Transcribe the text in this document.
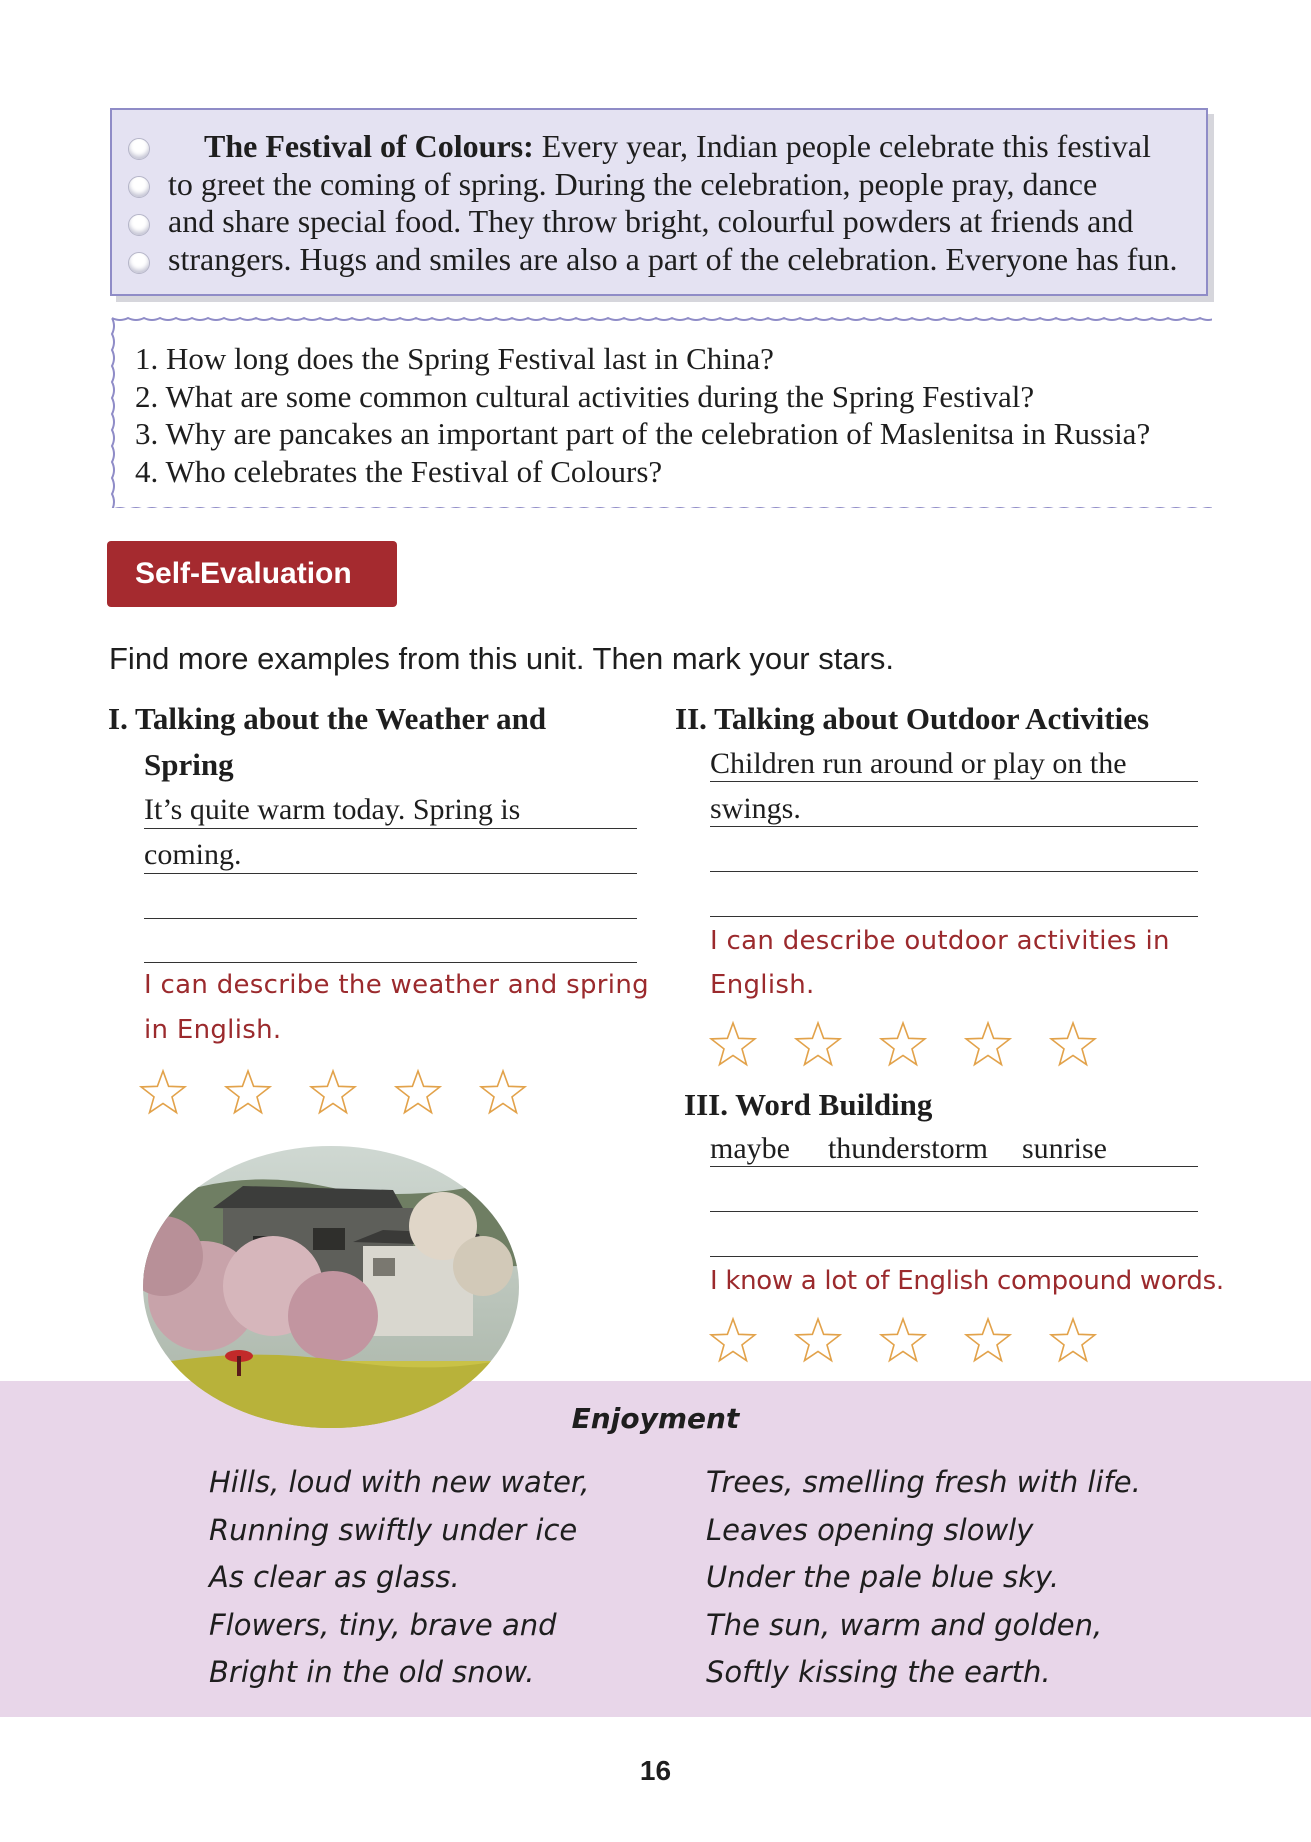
The Festival of Colours: Every year, Indian people celebrate this festival
to greet the coming of spring. During the celebration, people pray, dance
and share special food. They throw bright, colourful powders at friends and
strangers. Hugs and smiles are also a part of the celebration. Everyone has fun.
1. How long does the Spring Festival last in China?
2. What are some common cultural activities during the Spring Festival?
3. Why are pancakes an important part of the celebration of Maslenitsa in Russia?
4. Who celebrates the Festival of Colours?
Self-Evaluation
Find more examples from this unit. Then mark your stars.
I. Talking about the Weather and
Spring
It’s quite warm today. Spring is
coming.
I can describe the weather and spring
in English.
II. Talking about Outdoor Activities
Children run around or play on the
swings.
I can describe outdoor activities in
English.
III. Word Building
maybe thunderstorm sunrise
I know a lot of English compound words.
Enjoyment
Hills, loud with new water,
Running swiftly under ice
As clear as glass.
Flowers, tiny, brave and
Bright in the old snow.
Trees, smelling fresh with life.
Leaves opening slowly
Under the pale blue sky.
The sun, warm and golden,
Softly kissing the earth.
16
